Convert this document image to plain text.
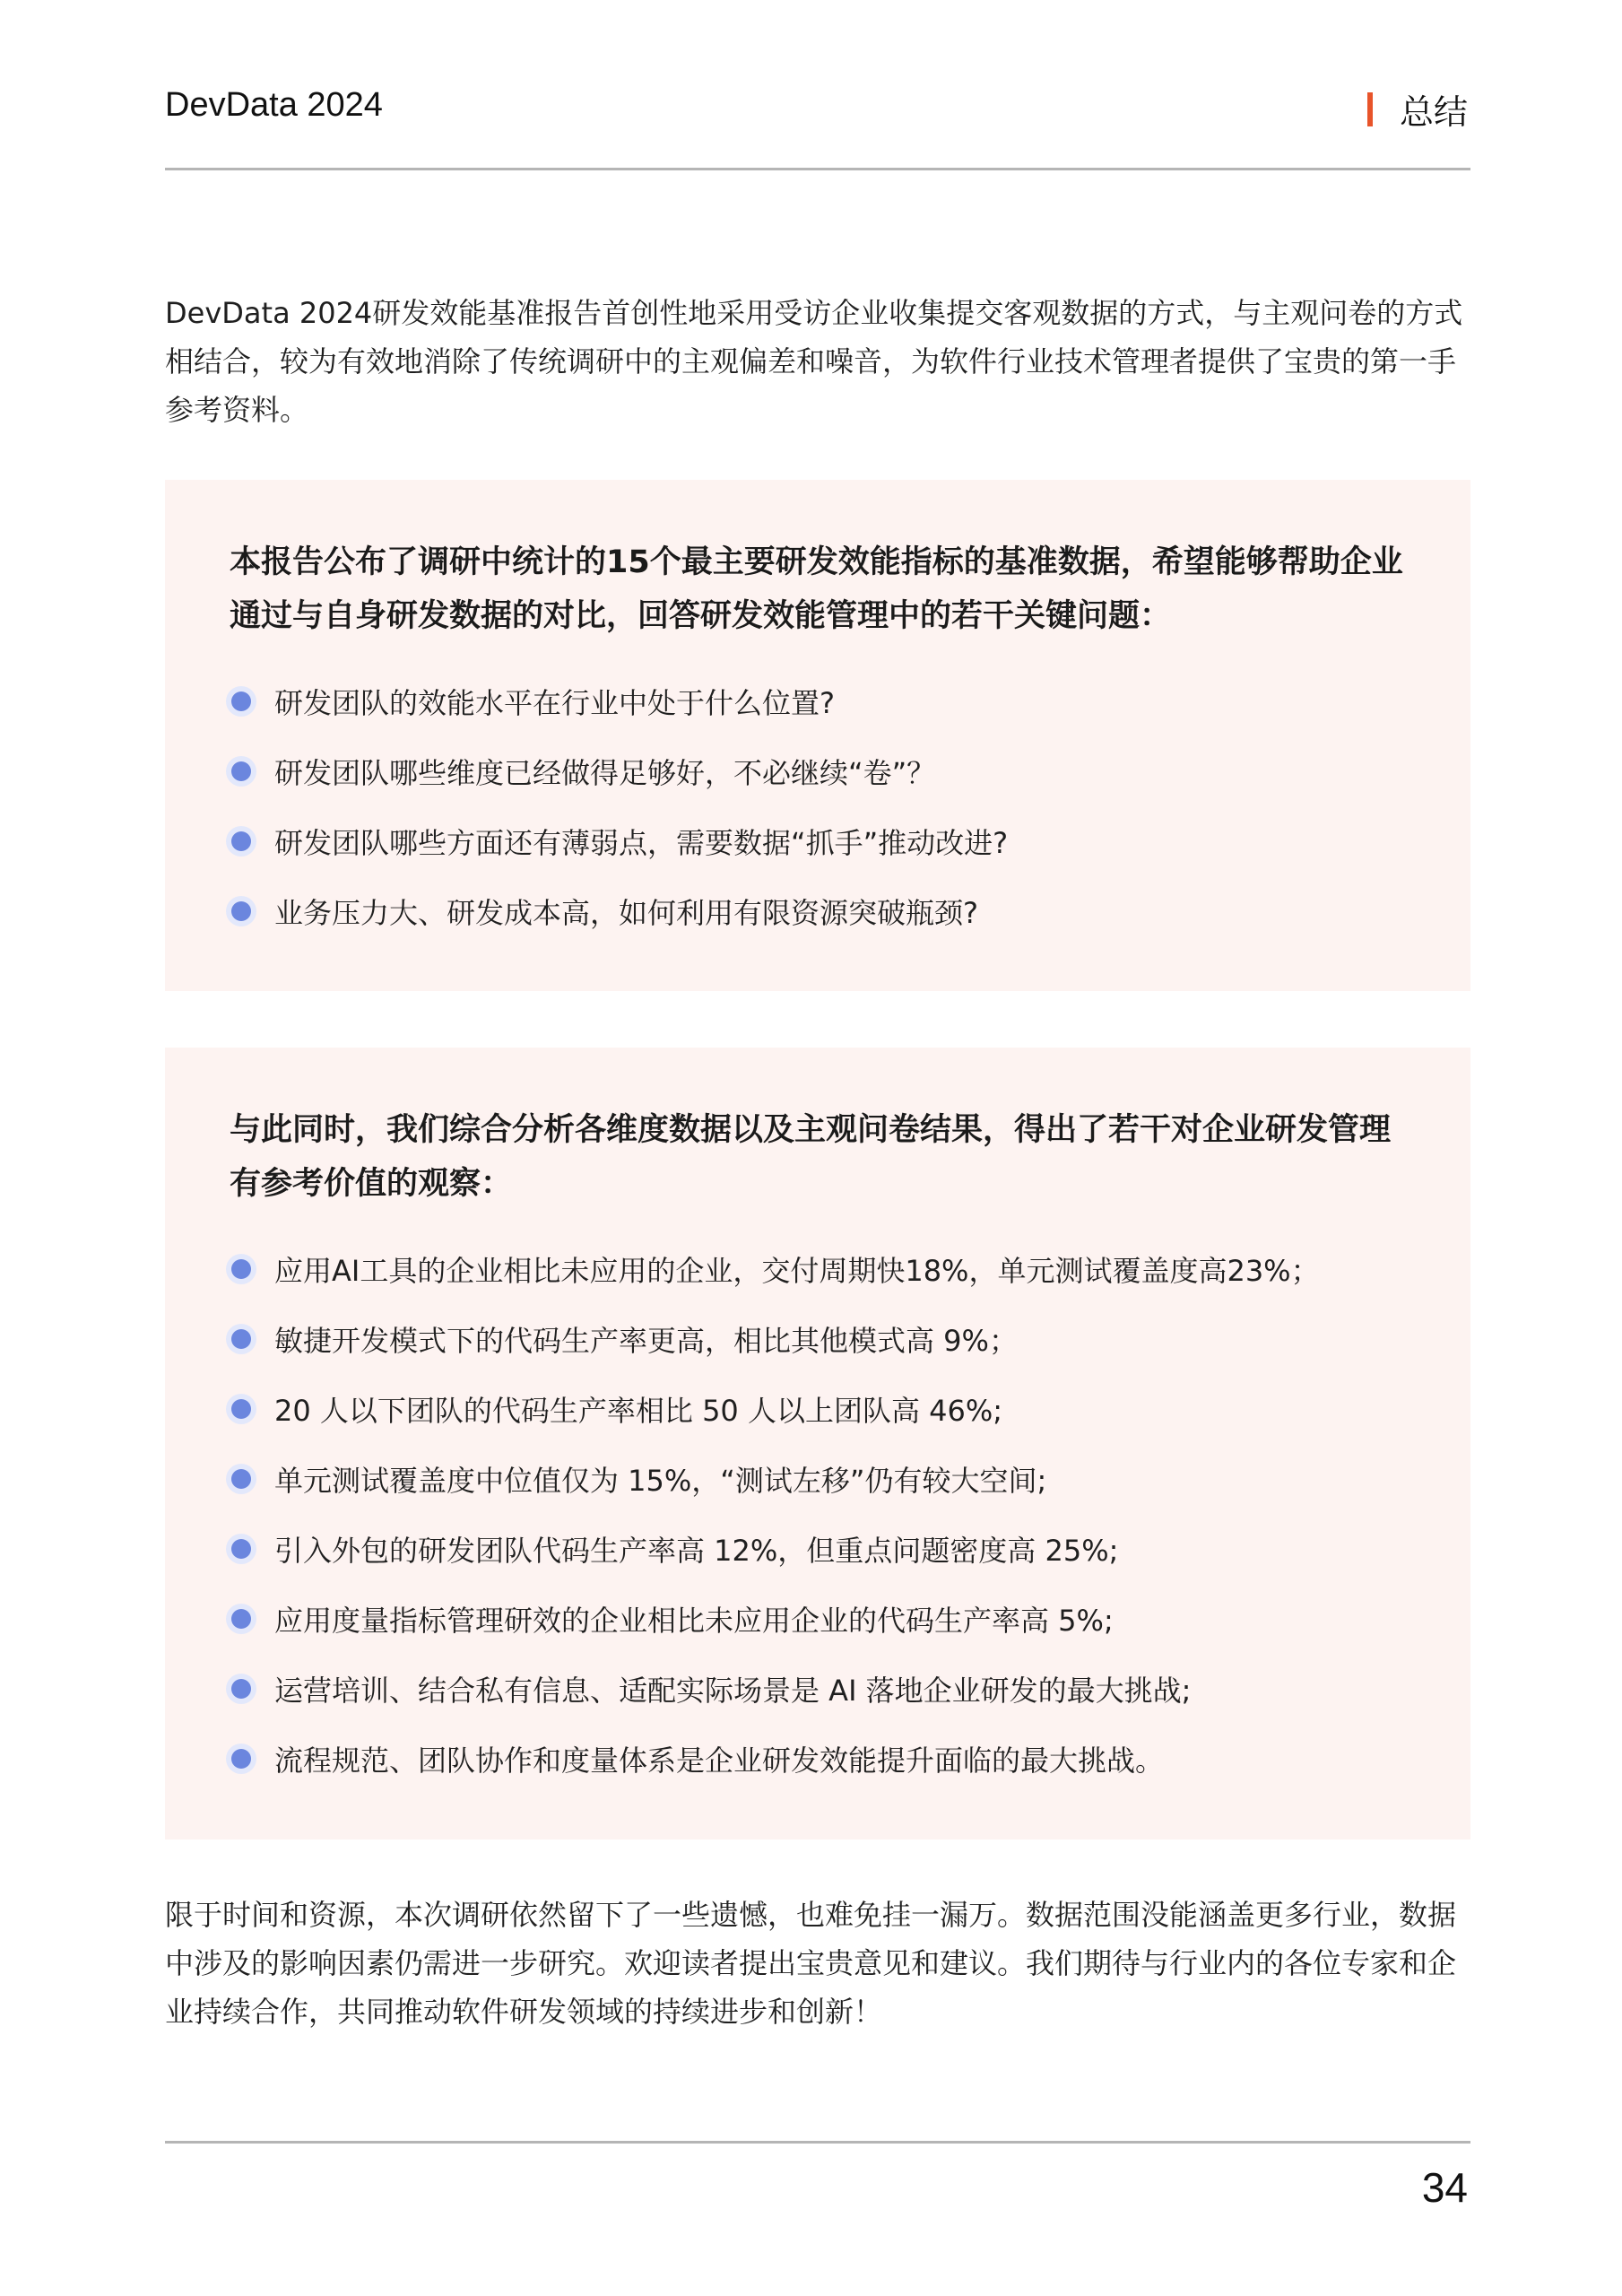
DevData 2024	总结
DevData 2024研发效能基准报告首创性地采用受访企业收集提交客观数据的方式，与主观问卷的方式相结合，较为有效地消除了传统调研中的主观偏差和噪音，为软件行业技术管理者提供了宝贵的第一手参考资料。
本报告公布了调研中统计的15个最主要研发效能指标的基准数据，希望能够帮助企业通过与自身研发数据的对比，回答研发效能管理中的若干关键问题：
研发团队的效能水平在行业中处于什么位置?
研发团队哪些维度已经做得足够好，不必继续“卷”？
研发团队哪些方面还有薄弱点，需要数据“抓手”推动改进?
业务压力大、研发成本高，如何利用有限资源突破瓶颈?
与此同时，我们综合分析各维度数据以及主观问卷结果，得出了若干对企业研发管理有参考价值的观察：
应用AI工具的企业相比未应用的企业，交付周期快18%，单元测试覆盖度高23%；
敏捷开发模式下的代码生产率更高，相比其他模式高 9%；
20 人以下团队的代码生产率相比 50 人以上团队高 46%;
单元测试覆盖度中位值仅为 15%，“测试左移”仍有较大空间;
引入外包的研发团队代码生产率高 12%，但重点问题密度高 25%;
应用度量指标管理研效的企业相比未应用企业的代码生产率高 5%;
运营培训、结合私有信息、适配实际场景是 AI 落地企业研发的最大挑战;
流程规范、团队协作和度量体系是企业研发效能提升面临的最大挑战。
限于时间和资源，本次调研依然留下了一些遗憾，也难免挂一漏万。数据范围没能涵盖更多行业，数据中涉及的影响因素仍需进一步研究。欢迎读者提出宝贵意见和建议。我们期待与行业内的各位专家和企业持续合作，共同推动软件研发领域的持续进步和创新！
34
